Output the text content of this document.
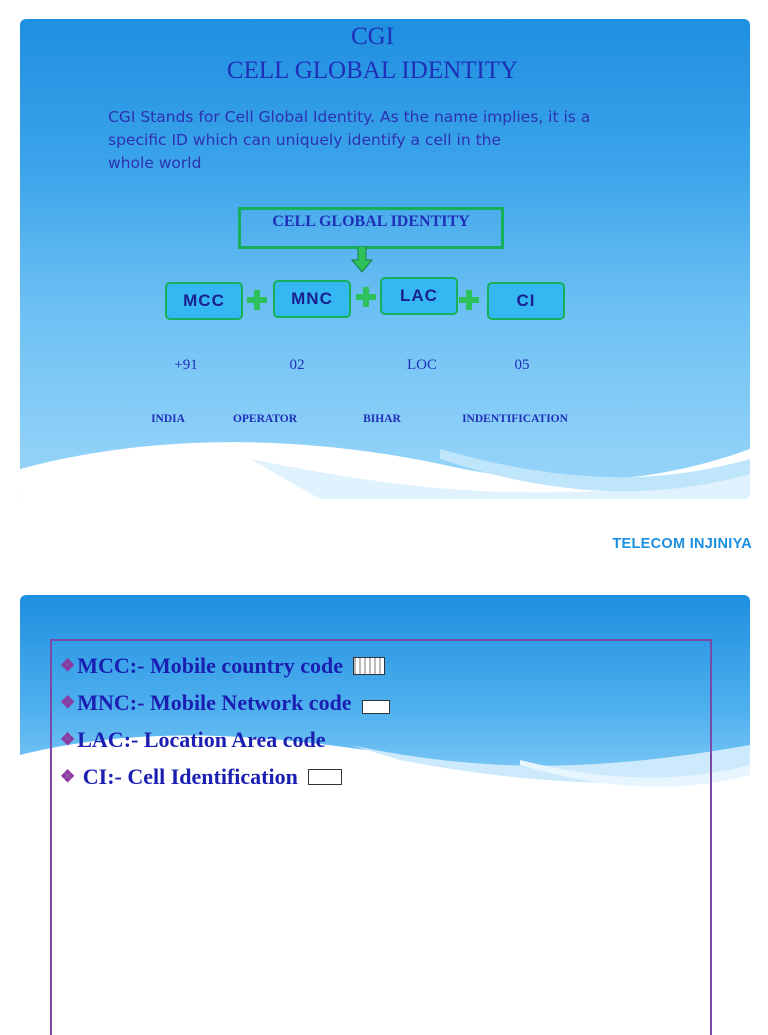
CGI
CELL GLOBAL IDENTITY
CGI Stands for Cell Global Identity. As the name implies, it is a
specific ID which can uniquely identify a cell in the
whole world
CELL GLOBAL IDENTITY
MCC	MNC	LAC	CI
+91	02	LOC	05
INDIA	OPERATOR	BIHAR	INDENTIFICATION
TELECOM INJINIYA
❖ MCC:- Mobile country code
❖ MNC:- Mobile Network code
❖ LAC:- Location Area code
❖ CI:- Cell Identification
